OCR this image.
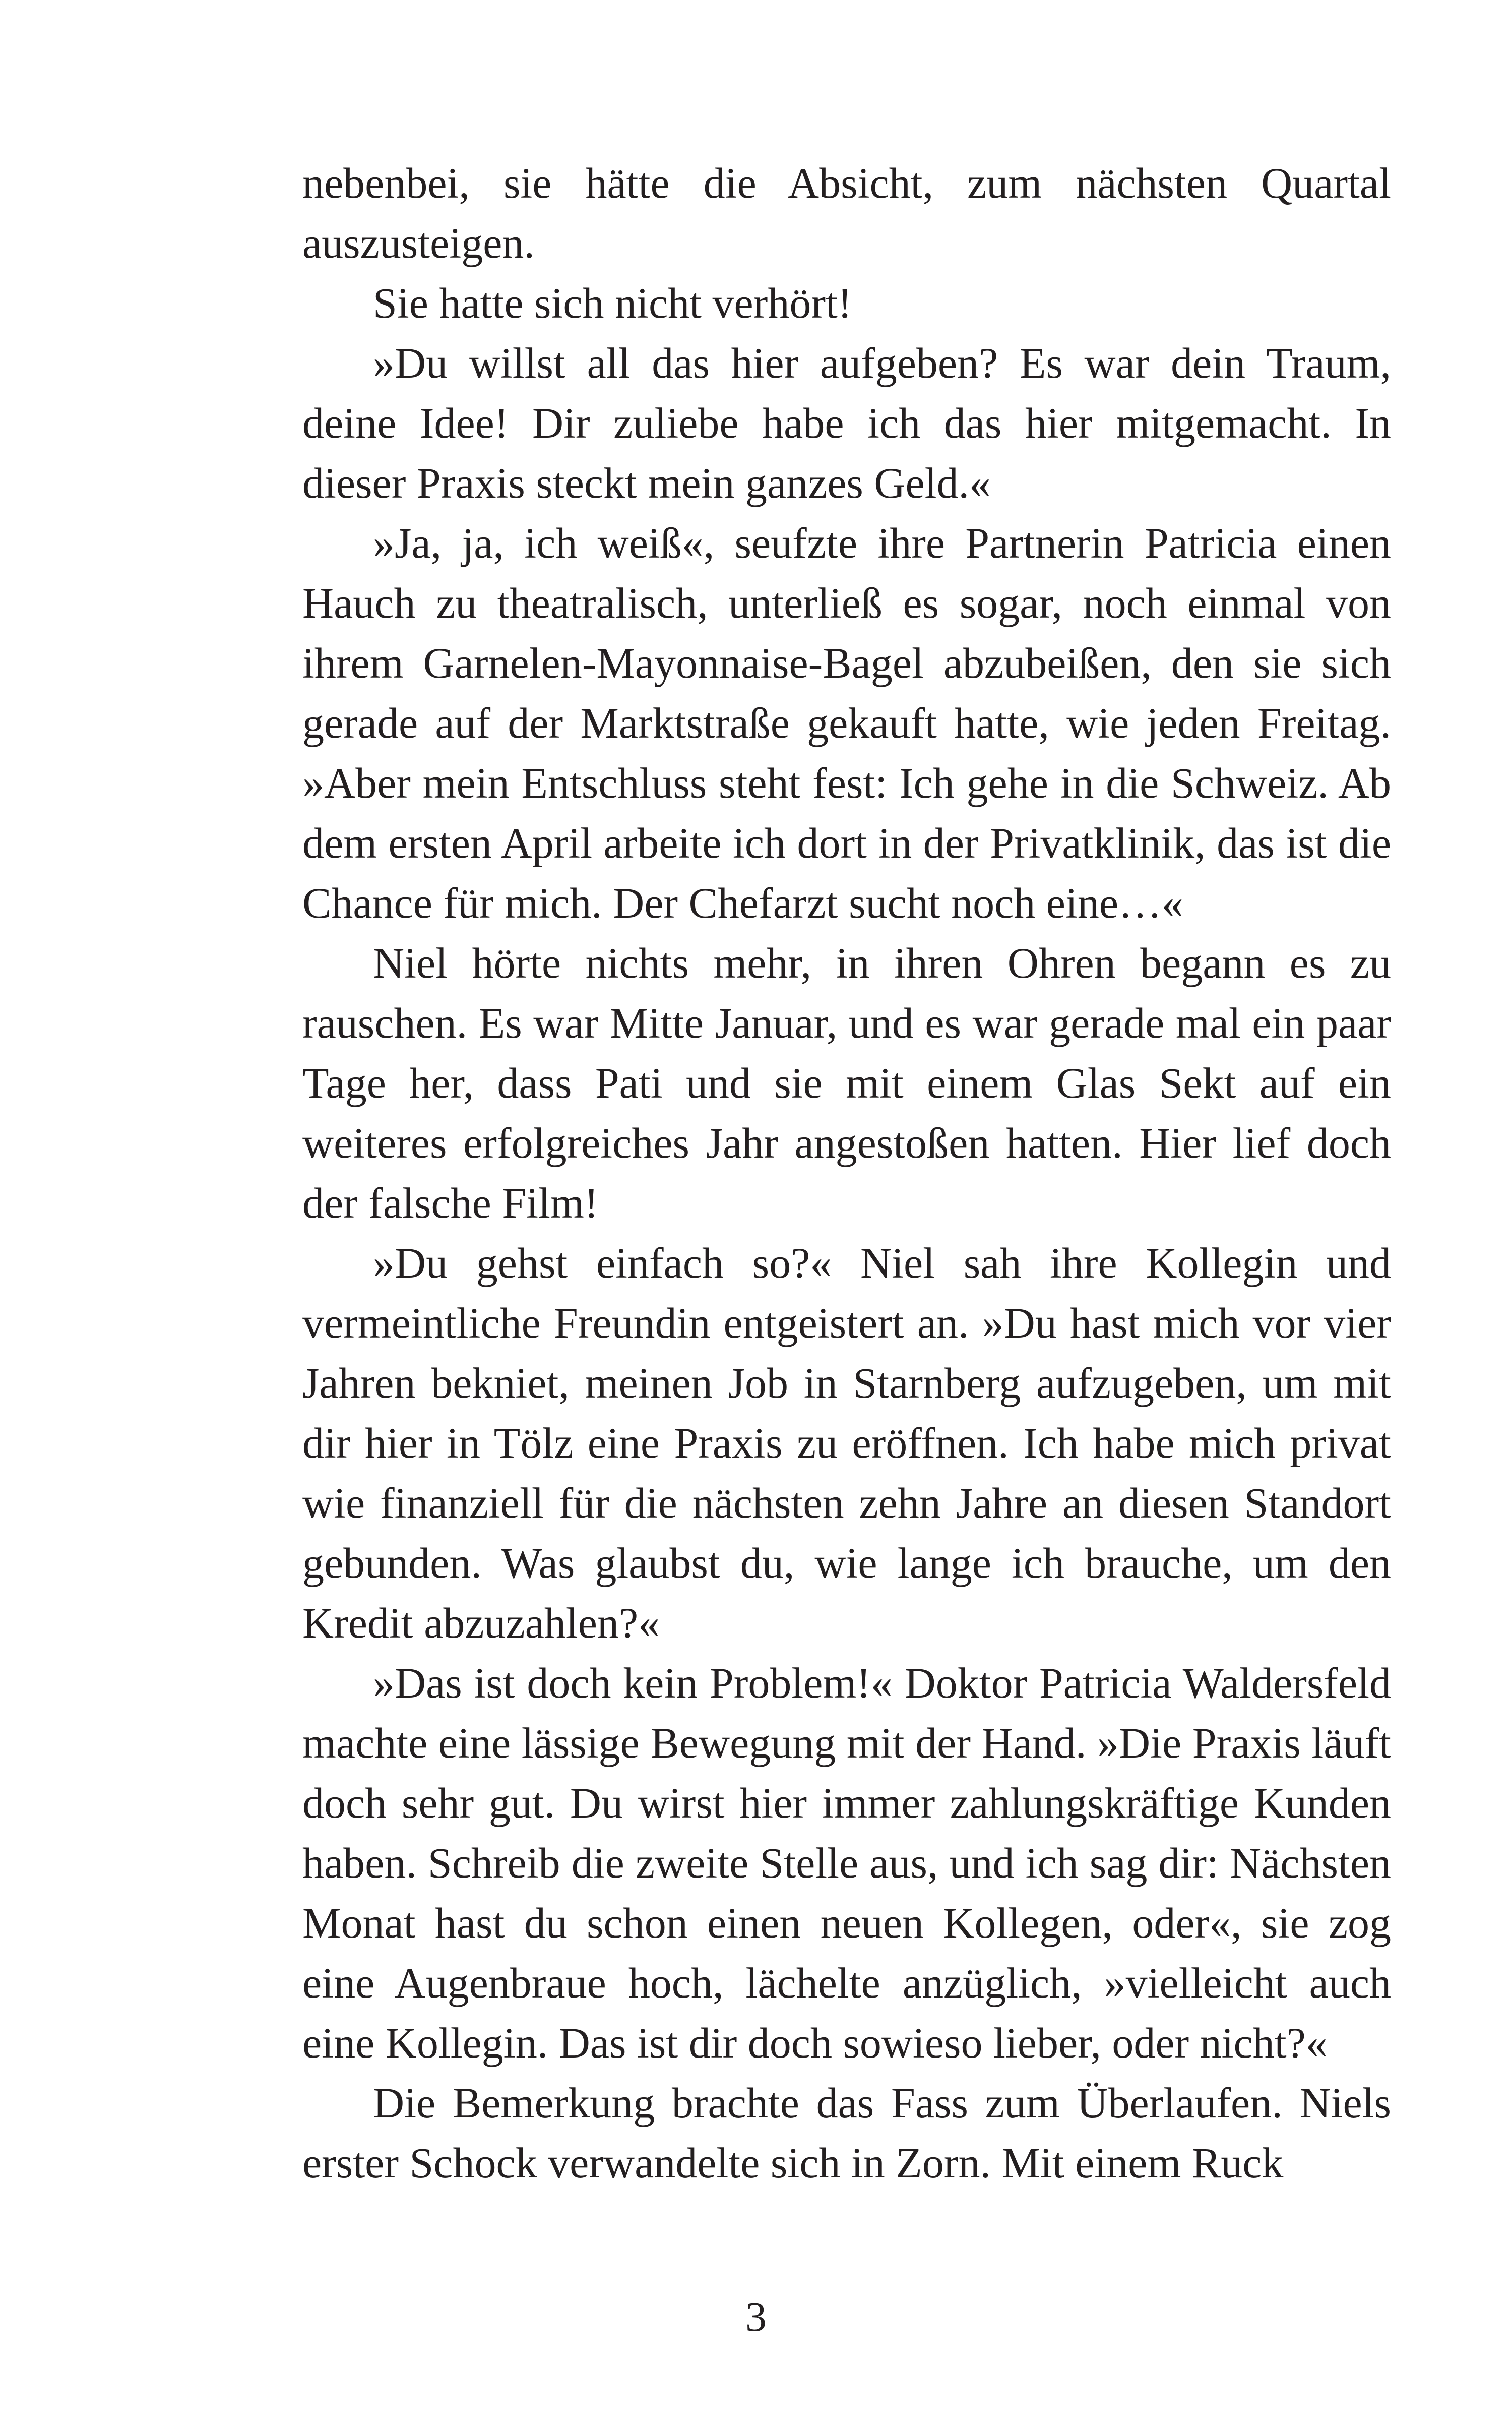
nebenbei, sie hätte die Absicht, zum nächsten Quartal auszusteigen.

Sie hatte sich nicht verhört!

»Du willst all das hier aufgeben? Es war dein Traum, deine Idee! Dir zuliebe habe ich das hier mitgemacht. In dieser Praxis steckt mein ganzes Geld.«

»Ja, ja, ich weiß«, seufzte ihre Partnerin Patricia einen Hauch zu theatralisch, unterließ es sogar, noch einmal von ihrem Garnelen-Mayonnaise-Bagel abzubeißen, den sie sich gerade auf der Marktstraße gekauft hatte, wie jeden Freitag. »Aber mein Entschluss steht fest: Ich gehe in die Schweiz. Ab dem ersten April arbeite ich dort in der Privatklinik, das ist die Chance für mich. Der Chefarzt sucht noch eine…«

Niel hörte nichts mehr, in ihren Ohren begann es zu rauschen. Es war Mitte Januar, und es war gerade mal ein paar Tage her, dass Pati und sie mit einem Glas Sekt auf ein weiteres erfolgreiches Jahr angestoßen hatten. Hier lief doch der falsche Film!

»Du gehst einfach so?« Niel sah ihre Kollegin und vermeintliche Freundin entgeistert an. »Du hast mich vor vier Jahren bekniet, meinen Job in Starnberg aufzugeben, um mit dir hier in Tölz eine Praxis zu eröffnen. Ich habe mich privat wie finanziell für die nächsten zehn Jahre an diesen Standort gebunden. Was glaubst du, wie lange ich brauche, um den Kredit abzuzahlen?«

»Das ist doch kein Problem!« Doktor Patricia Waldersfeld machte eine lässige Bewegung mit der Hand. »Die Praxis läuft doch sehr gut. Du wirst hier immer zahlungskräftige Kunden haben. Schreib die zweite Stelle aus, und ich sag dir: Nächsten Monat hast du schon einen neuen Kollegen, oder«, sie zog eine Augenbraue hoch, lächelte anzüglich, »vielleicht auch eine Kollegin. Das ist dir doch sowieso lieber, oder nicht?«

Die Bemerkung brachte das Fass zum Überlaufen. Niels erster Schock verwandelte sich in Zorn. Mit einem Ruck

3
